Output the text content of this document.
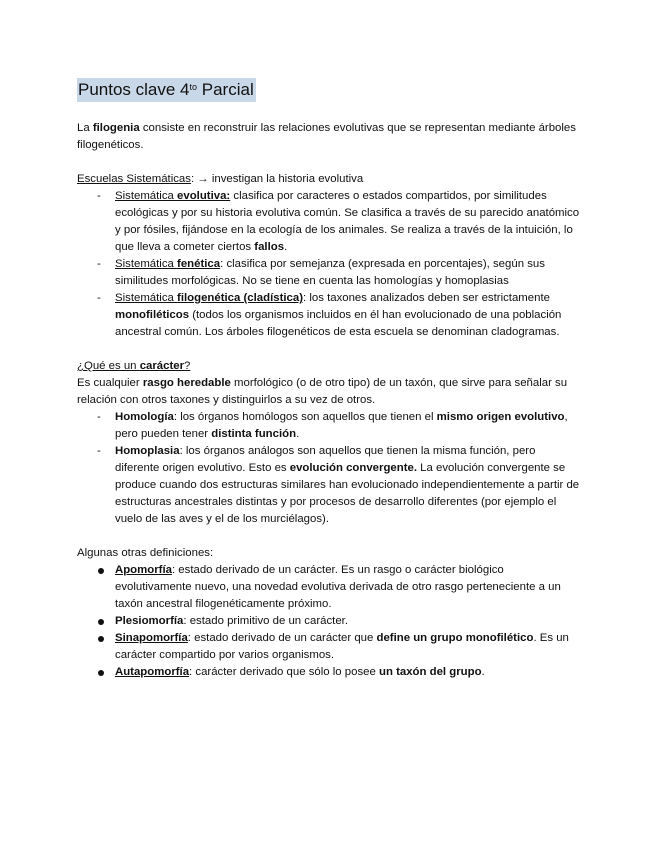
Puntos clave $4^{to}$ Parcial
La filogenia consiste en reconstruir las relaciones evolutivas que se representan mediante árboles filogenéticos.
Escuelas Sistemáticas: → investigan la historia evolutiva
- Sistemática evolutiva: clasifica por caracteres o estados compartidos, por similitudes ecológicas y por su historia evolutiva común. Se clasifica a través de su parecido anatómico y por fósiles, fijándose en la ecología de los animales. Se realiza a través de la intuición, lo que lleva a cometer ciertos fallos.
- Sistemática fenética: clasifica por semejanza (expresada en porcentajes), según sus similitudes morfológicas. No se tiene en cuenta las homologías y homoplasias
- Sistemática filogenética (cladística): los taxones analizados deben ser estrictamente monofiléticos (todos los organismos incluidos en él han evolucionado de una población ancestral común. Los árboles filogenéticos de esta escuela se denominan cladogramas.
¿Qué es un carácter?
Es cualquier rasgo heredable morfológico (o de otro tipo) de un taxón, que sirve para señalar su relación con otros taxones y distinguirlos a su vez de otros.
- Homología: los órganos homólogos son aquellos que tienen el mismo origen evolutivo, pero pueden tener distinta función.
- Homoplasia: los órganos análogos son aquellos que tienen la misma función, pero diferente origen evolutivo. Esto es evolución convergente. La evolución convergente se produce cuando dos estructuras similares han evolucionado independientemente a partir de estructuras ancestrales distintas y por procesos de desarrollo diferentes (por ejemplo el vuelo de las aves y el de los murciélagos).
Algunas otras definiciones:
Apomorfía: estado derivado de un carácter. Es un rasgo o carácter biológico evolutivamente nuevo, una novedad evolutiva derivada de otro rasgo perteneciente a un taxón ancestral filogenéticamente próximo.
Plesiomorfía: estado primitivo de un carácter.
Sinapomorfía: estado derivado de un carácter que define un grupo monofilético. Es un carácter compartido por varios organismos.
Autapomorfía: carácter derivado que sólo lo posee un taxón del grupo.
